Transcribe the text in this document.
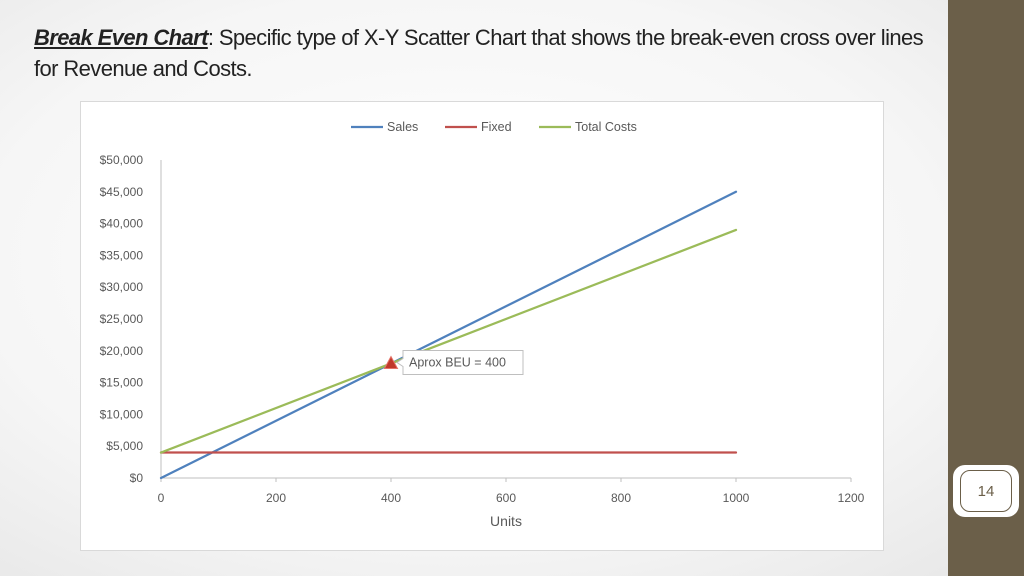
Break Even Chart: Specific type of X-Y Scatter Chart that shows the break-even cross over lines for Revenue and Costs.
$0
$5,000
$10,000
$15,000
$20,000
$25,000
$30,000
$35,000
$40,000
$45,000
$50,000
0	200	400	600	800	1000	1200
Units
Sales	Fixed	Total Costs
Aprox BEU = 400
14
